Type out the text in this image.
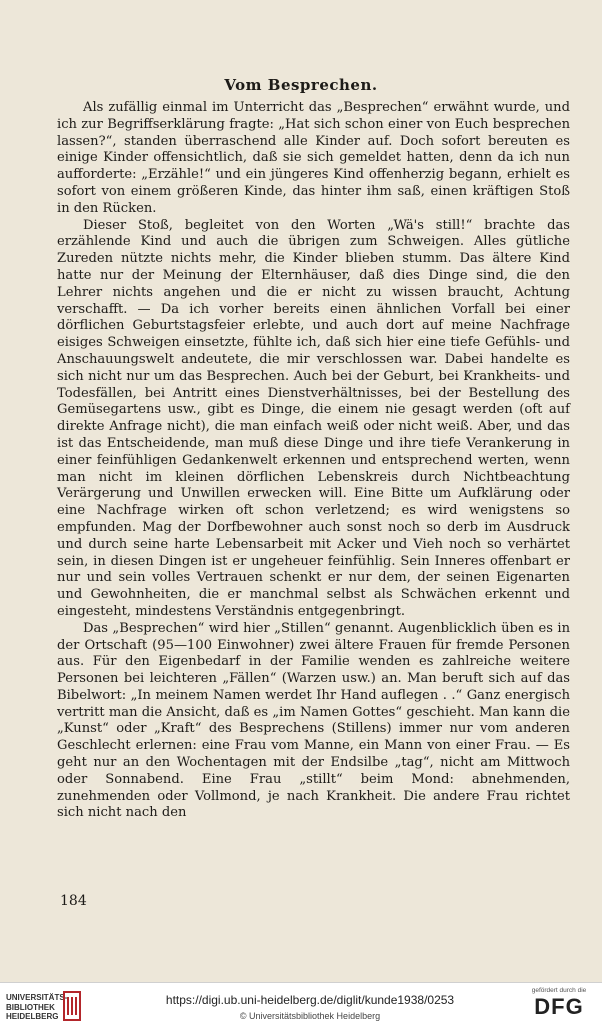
Vom Besprechen.

Als zufällig einmal im Unterricht das „Besprechen“ erwähnt wurde, und ich zur Begriffserklärung fragte: „Hat sich schon einer von Euch besprechen lassen?“, standen überraschend alle Kinder auf. Doch sofort bereuten es einige Kinder offensichtlich, daß sie sich gemeldet hatten, denn da ich nun aufforderte: „Erzähle!“ und ein jüngeres Kind offenherzig begann, erhielt es sofort von einem größeren Kinde, das hinter ihm saß, einen kräftigen Stoß in den Rücken.

Dieser Stoß, begleitet von den Worten „Wä's still!“ brachte das erzählende Kind und auch die übrigen zum Schweigen. Alles gütliche Zureden nützte nichts mehr, die Kinder blieben stumm. Das ältere Kind hatte nur der Meinung der Elternhäuser, daß dies Dinge sind, die den Lehrer nichts angehen und die er nicht zu wissen braucht, Achtung verschafft. — Da ich vorher bereits einen ähnlichen Vorfall bei einer dörflichen Geburtstagsfeier erlebte, und auch dort auf meine Nachfrage eisiges Schweigen einsetzte, fühlte ich, daß sich hier eine tiefe Gefühls- und Anschauungswelt andeutete, die mir verschlossen war. Dabei handelte es sich nicht nur um das Besprechen. Auch bei der Geburt, bei Krankheits- und Todesfällen, bei Antritt eines Dienstverhältnisses, bei der Bestellung des Gemüsegartens usw., gibt es Dinge, die einem nie gesagt werden (oft auf direkte Anfrage nicht), die man einfach weiß oder nicht weiß. Aber, und das ist das Entscheidende, man muß diese Dinge und ihre tiefe Verankerung in einer feinfühligen Gedankenwelt erkennen und entsprechend werten, wenn man nicht im kleinen dörflichen Lebenskreis durch Nichtbeachtung Verärgerung und Unwillen erwecken will. Eine Bitte um Aufklärung oder eine Nachfrage wirken oft schon verletzend; es wird wenigstens so empfunden. Mag der Dorfbewohner auch sonst noch so derb im Ausdruck und durch seine harte Lebensarbeit mit Acker und Vieh noch so verhärtet sein, in diesen Dingen ist er ungeheuer feinfühlig. Sein Inneres offenbart er nur und sein volles Vertrauen schenkt er nur dem, der seinen Eigenarten und Gewohnheiten, die er manchmal selbst als Schwächen erkennt und eingesteht, mindestens Verständnis entgegenbringt.

Das „Besprechen“ wird hier „Stillen“ genannt. Augenblicklich üben es in der Ortschaft (95—100 Einwohner) zwei ältere Frauen für fremde Personen aus. Für den Eigenbedarf in der Familie wenden es zahlreiche weitere Personen bei leichteren „Fällen“ (Warzen usw.) an. Man beruft sich auf das Bibelwort: „In meinem Namen werdet Ihr Hand auflegen . .“ Ganz energisch vertritt man die Ansicht, daß es „im Namen Gottes“ geschieht. Man kann die „Kunst“ oder „Kraft“ des Besprechens (Stillens) immer nur vom anderen Geschlecht erlernen: eine Frau vom Manne, ein Mann von einer Frau. — Es geht nur an den Wochentagen mit der Endsilbe „tag“, nicht am Mittwoch oder Sonnabend. Eine Frau „stillt“ beim Mond: abnehmenden, zunehmenden oder Vollmond, je nach Krankheit. Die andere Frau richtet sich nicht nach den

184
UNIVERSITÄTS-
BIBLIOTHEK
HEIDELBERG
https://digi.ub.uni-heidelberg.de/diglit/kunde1938/0253
© Universitätsbibliothek Heidelberg
gefördert durch die
DFG
